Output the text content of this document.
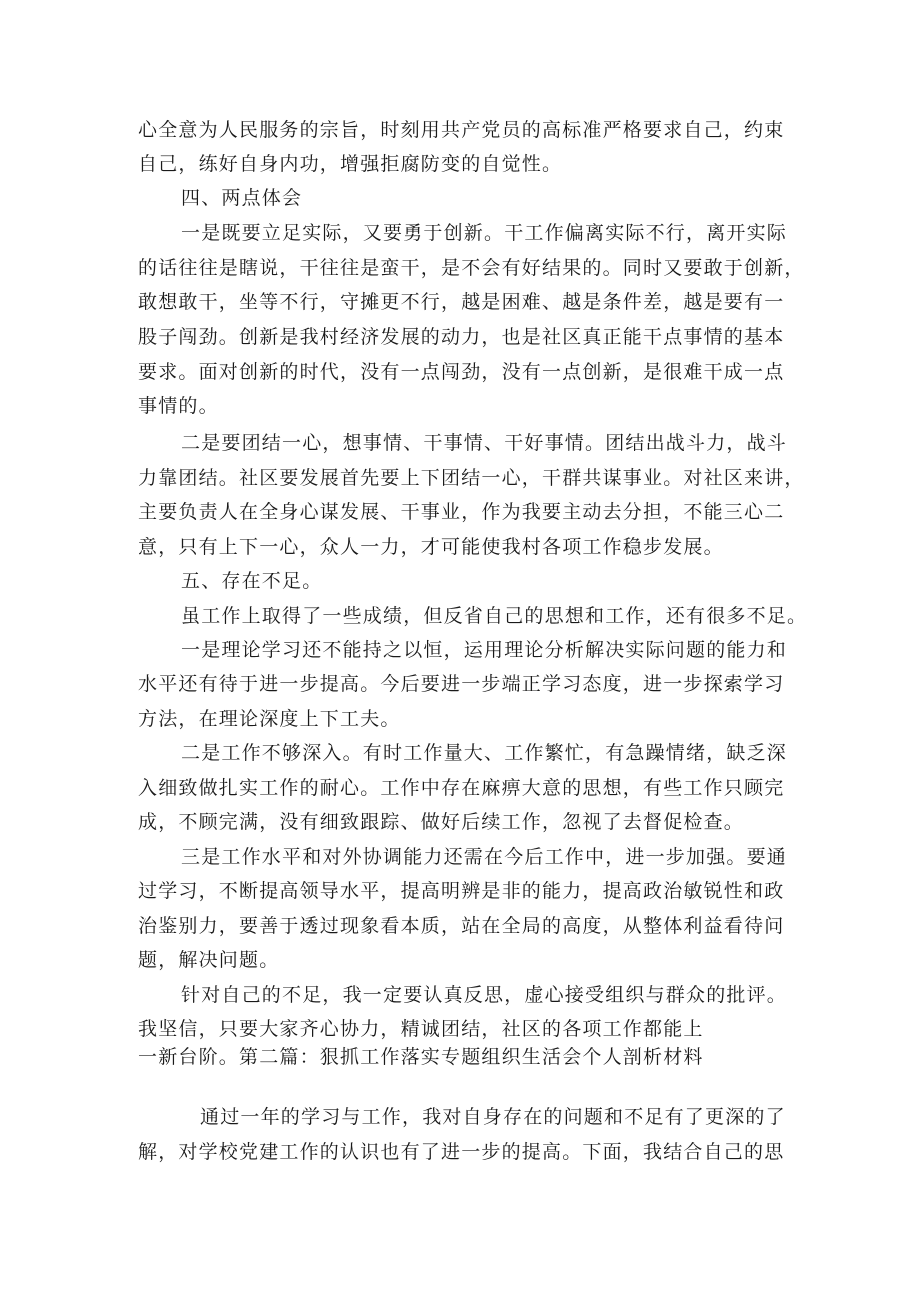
心全意为人民服务的宗旨，时刻用共产党员的高标准严格要求自己，约束

自己，练好自身内功，增强拒腐防变的自觉性。

四、两点体会

一是既要立足实际，又要勇于创新。干工作偏离实际不行，离开实际

的话往往是瞎说，干往往是蛮干，是不会有好结果的。同时又要敢于创新，

敢想敢干，坐等不行，守摊更不行，越是困难、越是条件差，越是要有一

股子闯劲。创新是我村经济发展的动力，也是社区真正能干点事情的基本

要求。面对创新的时代，没有一点闯劲，没有一点创新，是很难干成一点

事情的。

二是要团结一心，想事情、干事情、干好事情。团结出战斗力，战斗

力靠团结。社区要发展首先要上下团结一心，干群共谋事业。对社区来讲，

主要负责人在全身心谋发展、干事业，作为我要主动去分担，不能三心二

意，只有上下一心，众人一力，才可能使我村各项工作稳步发展。

五、存在不足。

虽工作上取得了一些成绩，但反省自己的思想和工作，还有很多不足。

一是理论学习还不能持之以恒，运用理论分析解决实际问题的能力和

水平还有待于进一步提高。今后要进一步端正学习态度，进一步探索学习

方法，在理论深度上下工夫。

二是工作不够深入。有时工作量大、工作繁忙，有急躁情绪，缺乏深

入细致做扎实工作的耐心。工作中存在麻痹大意的思想，有些工作只顾完

成，不顾完满，没有细致跟踪、做好后续工作，忽视了去督促检查。

三是工作水平和对外协调能力还需在今后工作中，进一步加强。要通

过学习，不断提高领导水平，提高明辨是非的能力，提高政治敏锐性和政

治鉴别力，要善于透过现象看本质，站在全局的高度，从整体利益看待问

题，解决问题。

针对自己的不足，我一定要认真反思，虚心接受组织与群众的批评。

我坚信，只要大家齐心协力，精诚团结，社区的各项工作都能上

一新台阶。第二篇：狠抓工作落实专题组织生活会个人剖析材料

通过一年的学习与工作，我对自身存在的问题和不足有了更深的了

解，对学校党建工作的认识也有了进一步的提高。下面，我结合自己的思
